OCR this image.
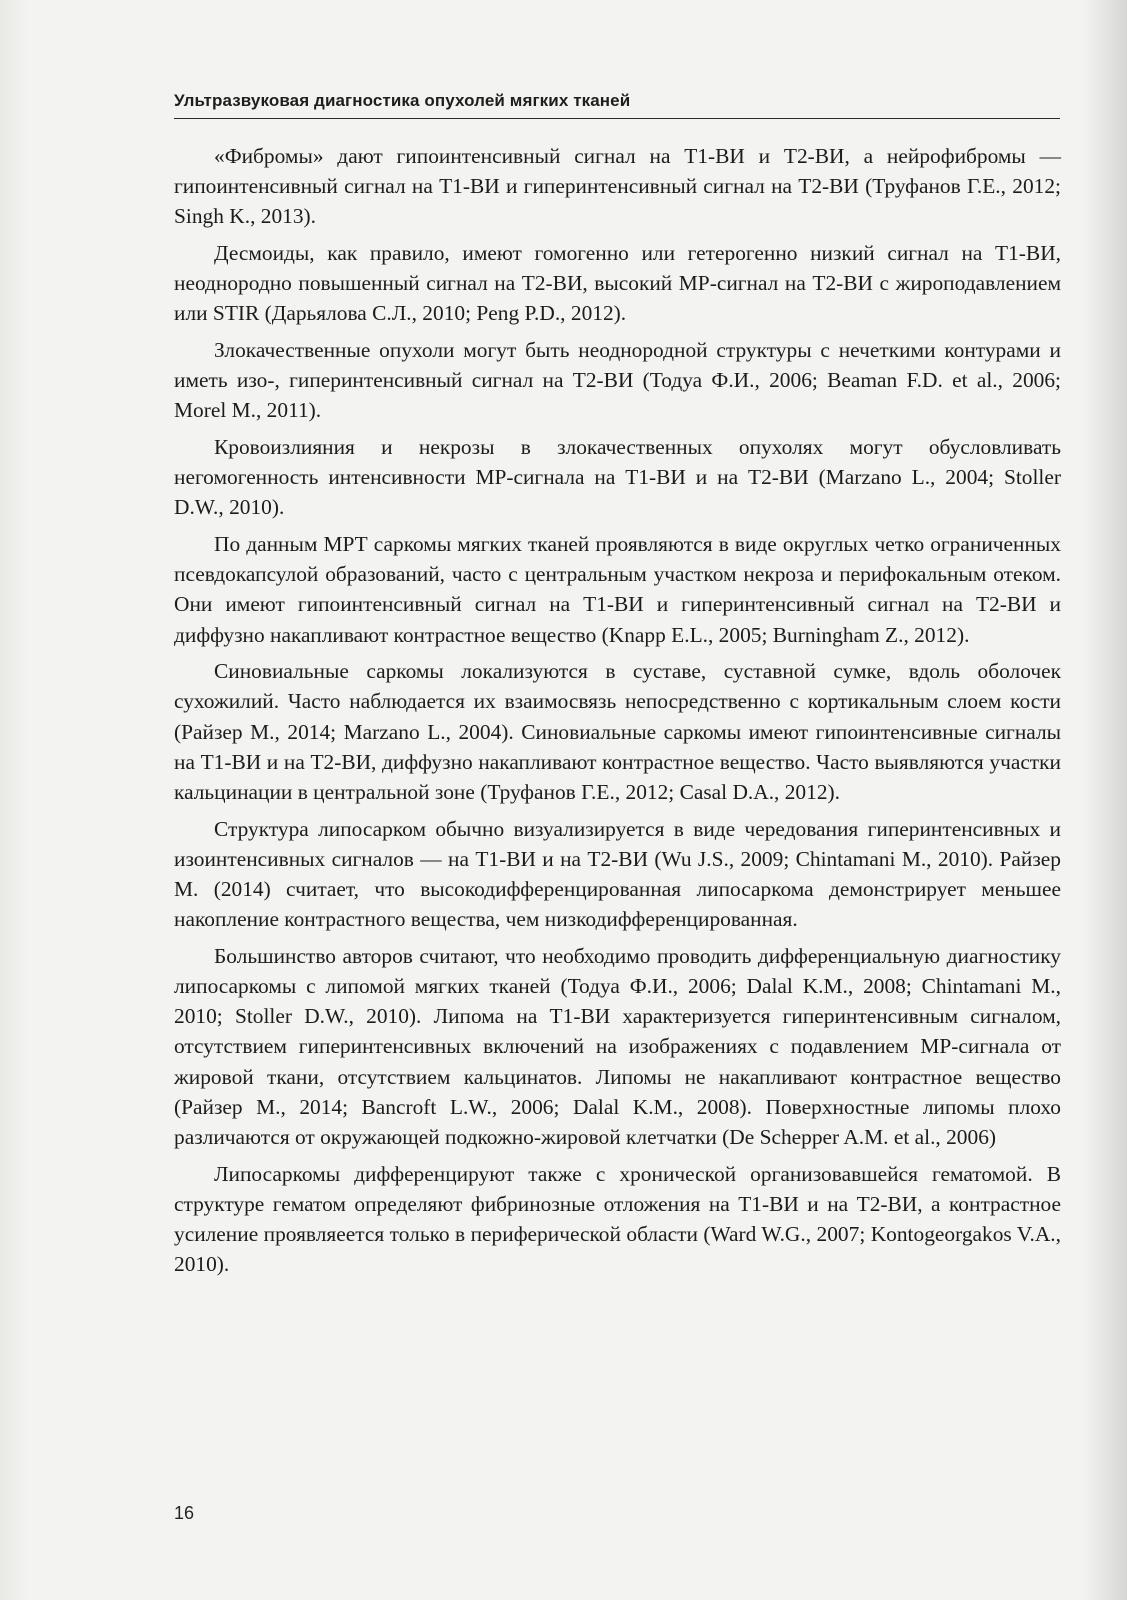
Ультразвуковая диагностика опухолей мягких тканей

«Фибромы» дают гипоинтенсивный сигнал на Т1-ВИ и Т2-ВИ, а нейрофибромы — гипоинтенсивный сигнал на Т1-ВИ и гиперинтенсивный сигнал на Т2-ВИ (Труфанов Г.Е., 2012; Singh K., 2013).

Десмоиды, как правило, имеют гомогенно или гетерогенно низкий сигнал на Т1-ВИ, неоднородно повышенный сигнал на Т2-ВИ, высокий МР-сигнал на Т2-ВИ с жироподавлением или STIR (Дарьялова С.Л., 2010; Peng P.D., 2012).

Злокачественные опухоли могут быть неоднородной структуры с нечеткими контурами и иметь изо-, гиперинтенсивный сигнал на Т2-ВИ (Тодуа Ф.И., 2006; Beaman F.D. et al., 2006; Morel M., 2011).

Кровоизлияния и некрозы в злокачественных опухолях могут обусловливать негомогенность интенсивности МР-сигнала на Т1-ВИ и на Т2-ВИ (Marzano L., 2004; Stoller D.W., 2010).

По данным МРТ саркомы мягких тканей проявляются в виде округлых четко ограниченных псевдокапсулой образований, часто с центральным участком некроза и перифокальным отеком. Они имеют гипоинтенсивный сигнал на Т1-ВИ и гиперинтенсивный сигнал на Т2-ВИ и диффузно накапливают контрастное вещество (Knapp E.L., 2005; Burningham Z., 2012).

Синовиальные саркомы локализуются в суставе, суставной сумке, вдоль оболочек сухожилий. Часто наблюдается их взаимосвязь непосредственно с кортикальным слоем кости (Райзер М., 2014; Marzano L., 2004). Синовиальные саркомы имеют гипоинтенсивные сигналы на Т1-ВИ и на Т2-ВИ, диффузно накапливают контрастное вещество. Часто выявляются участки кальцинации в центральной зоне (Труфанов Г.Е., 2012; Casal D.A., 2012).

Структура липосарком обычно визуализируется в виде чередования гиперинтенсивных и изоинтенсивных сигналов — на Т1-ВИ и на Т2-ВИ (Wu J.S., 2009; Chintamani M., 2010). Райзер М. (2014) считает, что высокодифференцированная липосаркома демонстрирует меньшее накопление контрастного вещества, чем низкодифференцированная.

Большинство авторов считают, что необходимо проводить дифференциальную диагностику липосаркомы с липомой мягких тканей (Тодуа Ф.И., 2006; Dalal K.M., 2008; Chintamani M., 2010; Stoller D.W., 2010). Липома на Т1-ВИ характеризуется гиперинтенсивным сигналом, отсутствием гиперинтенсивных включений на изображениях с подавлением МР-сигнала от жировой ткани, отсутствием кальцинатов. Липомы не накапливают контрастное вещество (Райзер М., 2014; Bancroft L.W., 2006; Dalal K.M., 2008). Поверхностные липомы плохо различаются от окружающей подкожно-жировой клетчатки (De Schepper A.M. et al., 2006)

Липосаркомы дифференцируют также с хронической организовавшейся гематомой. В структуре гематом определяют фибринозные отложения на Т1-ВИ и на Т2-ВИ, а контрастное усиление проявляеется только в периферической области (Ward W.G., 2007; Kontogeorgakos V.A., 2010).

16
